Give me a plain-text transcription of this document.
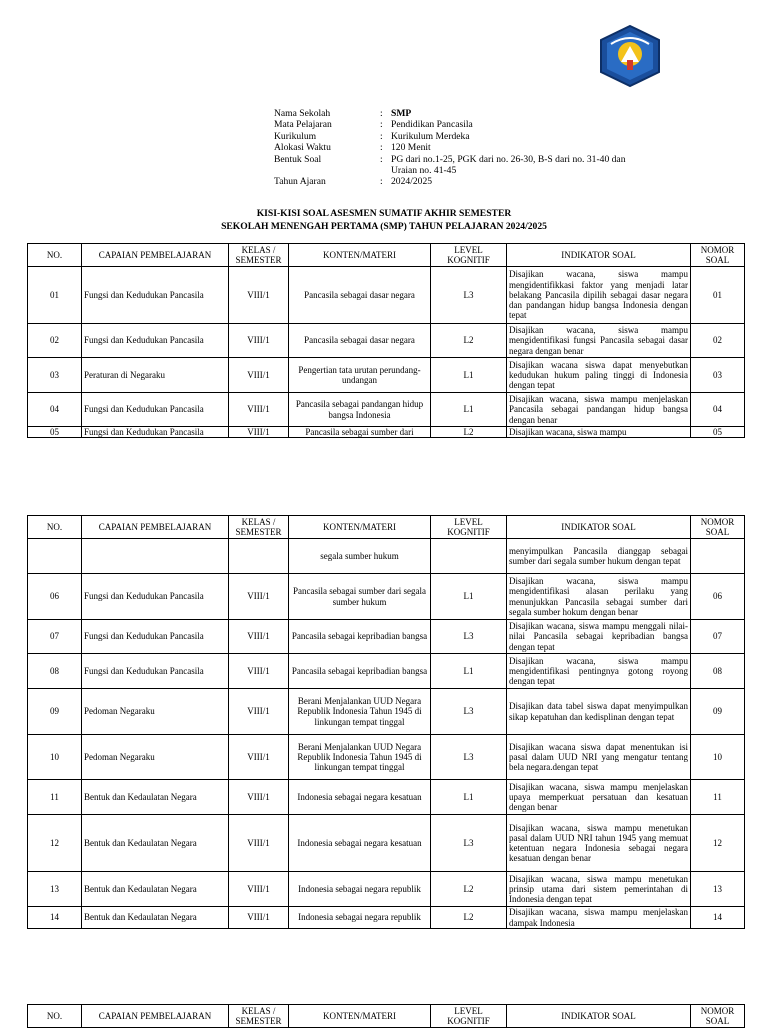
Nama Sekolah	: SMP
Mata Pelajaran	: Pendidikan Pancasila
Kurikulum	: Kurikulum Merdeka
Alokasi Waktu	: 120 Menit
Bentuk Soal	: PG dari no.1-25, PGK dari no. 26-30, B-S dari no. 31-40 dan Uraian no. 41-45
Tahun Ajaran	: 2024/2025
KISI-KISI SOAL ASESMEN SUMATIF AKHIR SEMESTER
SEKOLAH MENENGAH PERTAMA (SMP) TAHUN PELAJARAN 2024/2025
NO.	CAPAIAN PEMBELAJARAN	KELAS / SEMESTER	KONTEN/MATERI	LEVEL KOGNITIF	INDIKATOR SOAL	NOMOR SOAL
01	Fungsi dan Kedudukan Pancasila	VIII/1	Pancasila sebagai dasar negara	L3	Disajikan wacana, siswa mampu mengidentifikkasi faktor yang menjadi latar belakang Pancasila dipilih sebagai dasar negara dan pandangan hidup bangsa Indonesia dengan tepat	01
02	Fungsi dan Kedudukan Pancasila	VIII/1	Pancasila sebagai dasar negara	L2	Disajikan wacana, siswa mampu mengidentifikasi fungsi Pancasila sebagai dasar negara dengan benar	02
03	Peraturan di Negaraku	VIII/1	Pengertian tata urutan perundang-undangan	L1	Disajikan wacana siswa dapat menyebutkan kedudukan hukum paling tinggi di Indonesia dengan tepat	03
04	Fungsi dan Kedudukan Pancasila	VIII/1	Pancasila sebagai pandangan hidup bangsa Indonesia	L1	Disajikan wacana, siswa mampu menjelaskan Pancasila sebagai pandangan hidup bangsa dengan benar	04
05	Fungsi dan Kedudukan Pancasila	VIII/1	Pancasila sebagai sumber dari	L2	Disajikan wacana, siswa mampu	05
NO.	CAPAIAN PEMBELAJARAN	KELAS / SEMESTER	KONTEN/MATERI	LEVEL KOGNITIF	INDIKATOR SOAL	NOMOR SOAL
			segala sumber hukum		menyimpulkan Pancasila dianggap sebagai sumber dari segala sumber hukum dengan tepat	
06	Fungsi dan Kedudukan Pancasila	VIII/1	Pancasila sebagai sumber dari segala sumber hukum	L1	Disajikan wacana, siswa mampu mengidentifikasi alasan perilaku yang menunjukkan Pancasila sebagai sumber dari segala sumber hokum dengan benar	06
07	Fungsi dan Kedudukan Pancasila	VIII/1	Pancasila sebagai kepribadian bangsa	L3	Disajikan wacana, siswa mampu menggali nilai-nilai Pancasila sebagai kepribadian bangsa dengan tepat	07
08	Fungsi dan Kedudukan Pancasila	VIII/1	Pancasila sebagai kepribadian bangsa	L1	Disajikan wacana, siswa mampu mengidentifikasi pentingnya gotong royong dengan tepat	08
09	Pedoman Negaraku	VIII/1	Berani Menjalankan UUD Negara Republik Indonesia Tahun 1945 di linkungan tempat tinggal	L3	Disajikan data tabel siswa dapat menyimpulkan sikap kepatuhan dan kedisplinan dengan tepat	09
10	Pedoman Negaraku	VIII/1	Berani Menjalankan UUD Negara Republik Indonesia Tahun 1945 di linkungan tempat tinggal	L3	Disajikan wacana siswa dapat menentukan isi pasal dalam UUD NRI yang mengatur tentang bela negara.dengan tepat	10
11	Bentuk dan Kedaulatan Negara	VIII/1	Indonesia sebagai negara kesatuan	L1	Disajikan wacana, siswa mampu menjelaskan upaya memperkuat persatuan dan kesatuan dengan benar	11
12	Bentuk dan Kedaulatan Negara	VIII/1	Indonesia sebagai negara kesatuan	L3	Disajikan wacana, siswa mampu menetukan pasal dalam UUD NRI tahun 1945 yang memuat ketentuan negara Indonesia sebagai negara kesatuan dengan benar	12
13	Bentuk dan Kedaulatan Negara	VIII/1	Indonesia sebagai negara republik	L2	Disajikan wacana, siswa mampu menetukan prinsip utama dari sistem pemerintahan di Indonesia dengan tepat	13
14	Bentuk dan Kedaulatan Negara	VIII/1	Indonesia sebagai negara republik	L2	Disajikan wacana, siswa mampu menjelaskan dampak Indonesia	14
NO.	CAPAIAN PEMBELAJARAN	KELAS / SEMESTER	KONTEN/MATERI	LEVEL KOGNITIF	INDIKATOR SOAL	NOMOR SOAL
